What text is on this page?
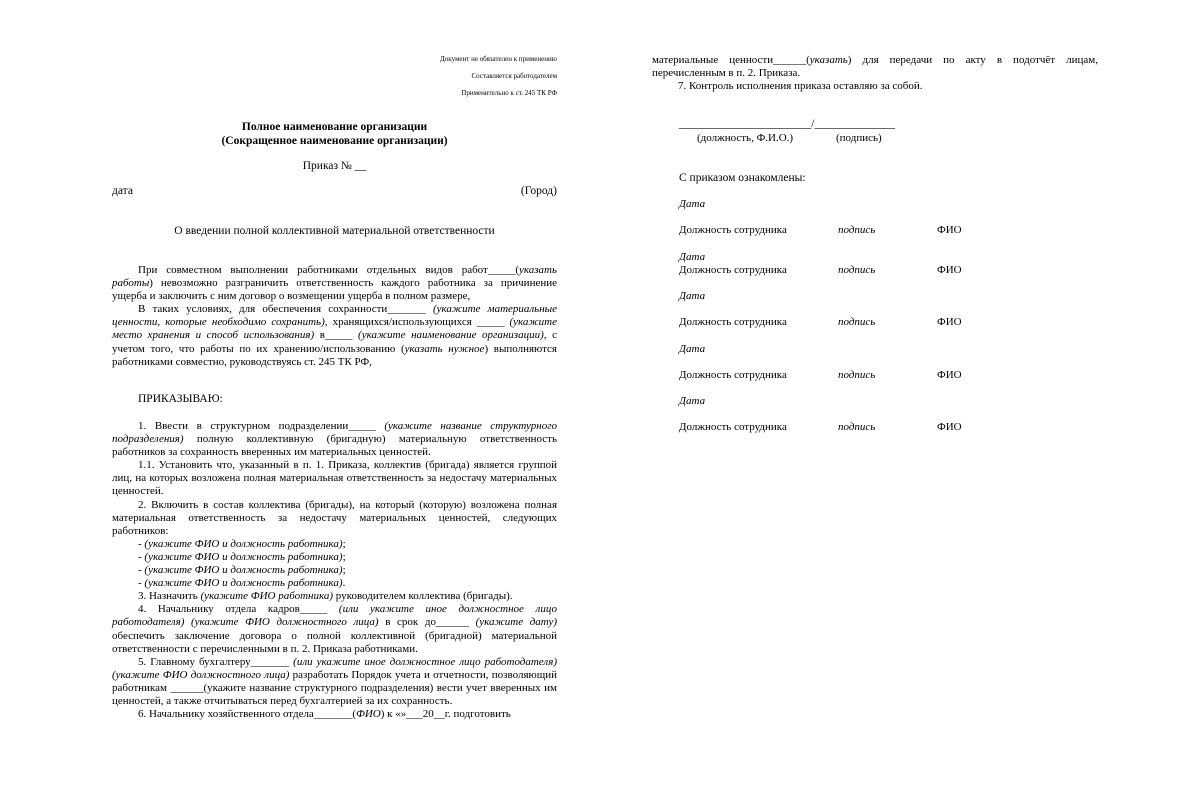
Документ не обязателен к применению
Составляется работодателем
Применительно к ст. 245 ТК РФ
Полное наименование организации
(Сокращенное наименование организации)
Приказ № __
дата	(Город)
О введении полной коллективной материальной ответственности

При совместном выполнении работниками отдельных видов работ_____(указать работы) невозможно разграничить ответственность каждого работника за причинение ущерба и заключить с ним договор о возмещении ущерба в полном размере,

В таких условиях, для обеспечения сохранности_______ (укажите материальные ценности, которые необходимо сохранить), хранящихся/использующихся _____ (укажите место хранения и способ использования) в_____ (укажите наименование организации), с учетом того, что работы по их хранению/использованию (указать нужное) выполняются работниками совместно, руководствуясь ст. 245 ТК РФ,

ПРИКАЗЫВАЮ:

1. Ввести в структурном подразделении_____ (укажите название структурного подразделения) полную коллективную (бригадную) материальную ответственность работников за сохранность вверенных им материальных ценностей.

1.1. Установить что, указанный в п. 1. Приказа, коллектив (бригада) является группой лиц, на которых возложена полная материальная ответственность за недостачу материальных ценностей.

2. Включить в состав коллектива (бригады), на который (которую) возложена полная материальная ответственность за недостачу материальных ценностей, следующих работников:

- (укажите ФИО и должность работника);

- (укажите ФИО и должность работника);

- (укажите ФИО и должность работника);

- (укажите ФИО и должность работника).

3. Назначить (укажите ФИО работника) руководителем коллектива (бригады).

4. Начальнику отдела кадров_____ (или укажите иное должностное лицо работодателя) (укажите ФИО должностного лица) в срок до______ (укажите дату) обеспечить заключение договора о полной коллективной (бригадной) материальной ответственности с перечисленными в п. 2. Приказа работниками.

5. Главному бухгалтеру_______ (или укажите иное должностное лицо работодателя) (укажите ФИО должностного лица) разработать Порядок учета и отчетности, позволяющий работникам ______(укажите название структурного подразделения) вести учет вверенных им ценностей, а также отчитываться перед бухгалтерией за их сохранность.

6. Начальнику хозяйственного отдела_______(ФИО) к «»___20__г. подготовить

материальные ценности______(указать) для передачи по акту в подотчёт лицам, перечисленным в п. 2. Приказа.

7. Контроль исполнения приказа оставляю за собой.

_______________________/______________
(должность, Ф.И.О.)	(подпись)
С приказом ознакомлены:
Дата
Должность сотрудника	подпись	ФИО
Дата
Должность сотрудника	подпись	ФИО
Дата
Должность сотрудника	подпись	ФИО
Дата
Должность сотрудника	подпись	ФИО
Дата
Должность сотрудника	подпись	ФИО
